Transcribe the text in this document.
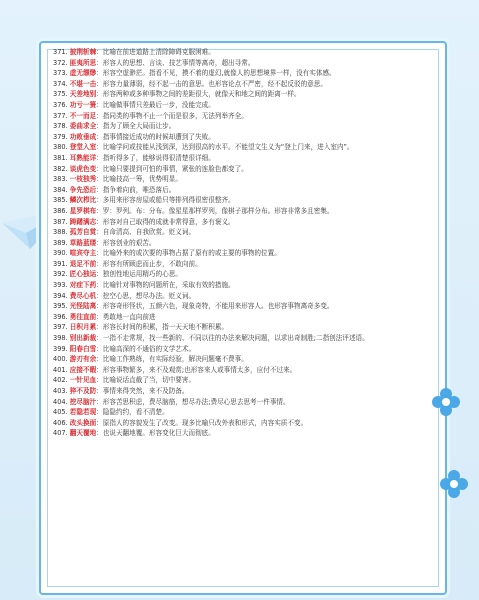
371. 披荆斩棘：比喻在前进道路上清除障碍克服困难。

372. 匪夷所思：形容人的思想、言谈、技艺事情等离奇，超出寻常。

373. 虚无缥缈：形容空虚渺茫。指看不见，摸不着的虚幻,就像人的思想境界一样，没有实体感。

374. 不堪一击：形容力量薄弱，经不起一击的意思。也形容论点不严密，经不起反驳的意思。

375. 天差地别：形容两种或多种事物之间的差距很大，就像天和地之间的距离一样。

376. 功亏一篑：比喻做事情只差最后一步，没能完成。

377. 不一而足：指同类的事物不止一个而是很多，无法列举齐全。

378. 委曲求全：指为了顾全大局而让步。

379. 功败垂成：指事情接近成功的时候却遭到了失败。

380. 登堂入室：比喻学问或技能从浅到深，达到很高的水平。不能望文生义为“登上门来，进入室内”。

381. 耳熟能详：指听得多了，能够说得很清楚很详细。

382. 谈虎色变：比喻只要提到可怕的事情，紧张的连脸色都变了。

383. 一枝独秀：比喻技高一筹，优势明显。

384. 争先恐后：指争着向前，唯恐落后。

385. 鳞次栉比：多用来形容房屋或船只等排列得很密很整齐。

386. 星罗棋布：罗：罗列。布：分布。像星星那样罗列，像棋子那样分布。形容非常多且密集。

387. 踌躇满志：形容对自己取得的成就非常得意，多有褒义。

388. 孤芳自赏：自命清高、自我欣赏。贬义词。

389. 草路蓝缕：形容创业的艰苦。

390. 喧宾夺主：比喻外来的或次要的事物占据了原有的或主要的事物的位置。

391. 退足不前：形容有所顾虑而止步，不敢向前。

392. 匠心独运：独创性地运用精巧的心思。

393. 对症下药：比喻针对事物的问题所在，采取有效的措施。

394. 费尽心机：挖空心思，想尽办法。贬义词。

395. 光怪陆离：形容奇形怪状，五颜六色，现象奇特，不能用来形容人。也形容事物离奇多变。

396. 勇往直前：勇敢地一直向前进

397. 日积月累：形容长时间的积累，指一天天地不断积累。

398. 别出新裁：一指不走常规，找一些新的、不同以往的办法来解决问题，以求出奇制胜;二指创法评述语。

399. 阳春白雪：比喻高深的不通俗的文学艺术。

400. 游刃有余：比喻工作熟练，有实际经验，解决问题毫不费事。

401. 应接不暇：形容事物繁多，来不及观赏;也形容来人或事情太多，应付不过来。

402. 一针见血：比喻说话直截了当，切中要害。

403. 猝不及防：事情来得突然，来不及防备。

404. 挖尽脑汁：形容苦思积虑，费尽脑筋，想尽办法;费尽心思去思考一件事情。

405. 若隐若现：隐隐约约，看不清楚。

406. 改头换面：原指人的容貌发生了改变。现多比喻只改外表和形式，内容实质不变。

407. 翻天覆地：也说天翻地覆。形容变化巨大而彻底。
